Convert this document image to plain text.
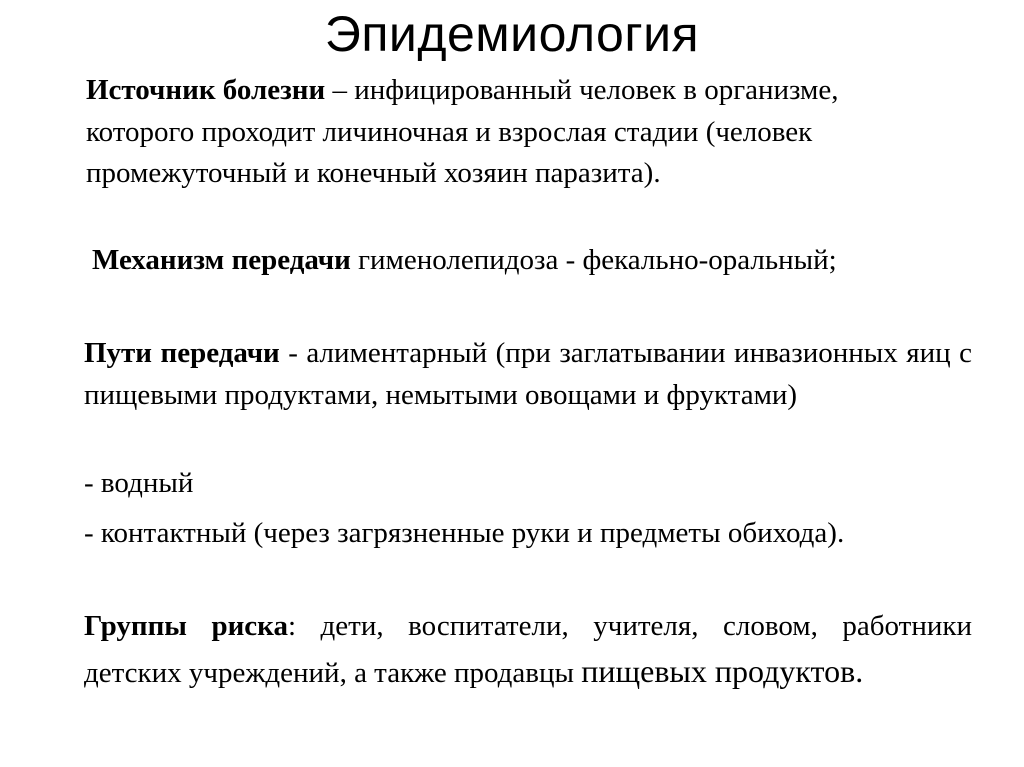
Эпидемиология

Источник болезни – инфицированный человек в организме, которого проходит личиночная и взрослая стадии (человек промежуточный и конечный хозяин паразита).

Механизм передачи гименолепидоза - фекально-оральный;

Пути передачи - алиментарный (при заглатывании инвазионных яиц с пищевыми продуктами, немытыми овощами и фруктами)

- водный

- контактный (через загрязненные руки и предметы обихода).

Группы риска: дети, воспитатели, учителя, словом, работники детских учреждений, а также продавцы пищевых продуктов.
